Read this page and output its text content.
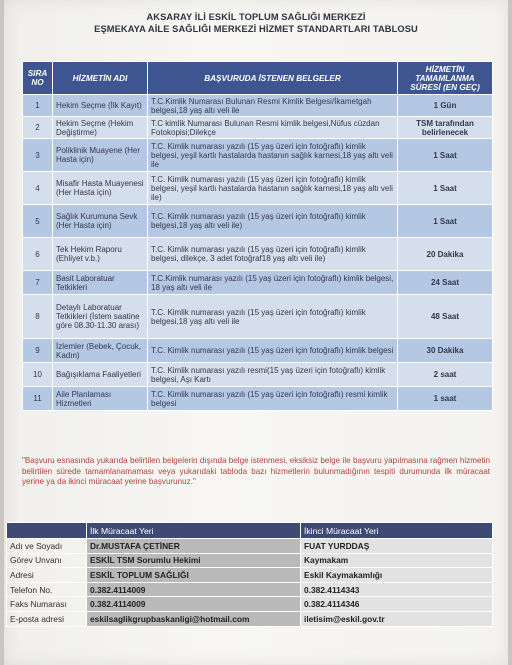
AKSARAY İLİ ESKİL TOPLUM SAĞLIĞI MERKEZİ
EŞMEKAYA AİLE SAĞLIĞI MERKEZİ HİZMET STANDARTLARI TABLOSU
SIRA NO	HİZMETİN ADI	BAŞVURUDA İSTENEN BELGELER	HİZMETİN TAMAMLANMA SÜRESİ (EN GEÇ)
1	Hekim Seçme (İlk Kayıt)	T.C.Kimlik Numarası Bulunan Resmi Kimlik Belgesi/İkametgah belgesi,18 yaş altı veli ile	1 Gün
2	Hekim Seçme (Hekim Değiştirme)	T.C kimlik Numarası Bulunan Resmi kimlik belgesi,Nüfus cüzdan Fotokopisi;Dilekçe	TSM tarafından belirlenecek
3	Poliklinik Muayene (Her Hasta için)	T.C. Kimlik numarası yazılı (15 yaş üzeri için fotoğraflı) kimlik belgesi, yeşil kartlı hastalarda hastanın sağlık karnesi,18 yaş altı veli ile	1 Saat
4	Misafir Hasta Muayenesi (Her Hasta için)	T.C. Kimlik numarası yazılı (15 yaş üzeri için fotoğraflı) kimlik belgesi, yeşil kartlı hastalarda hastanın sağlık karnesi,18 yaş altı veli ile)	1 Saat
5	Sağlık Kurumuna Sevk (Her Hasta için)	T.C. Kimlik numarası yazılı (15 yaş üzeri için fotoğraflı) kimlik belgesi,18 yaş altı veli ile)	1 Saat
6	Tek Hekim Raporu (Ehliyet v.b.)	T.C. Kimlik numarası yazılı (15 yaş üzeri için fotoğraflı) kimlik belgesi, dilekçe, 3 adet fotoğraf18 yaş altı veli ile)	20 Dakika
7	Basit Laboratuar Tetkikleri	T.C.Kimlik numarası yazılı (15 yaş üzeri için fotoğraflı) kimlik belgesi, 18 yaş altı veli ile	24 Saat
8	Detaylı Laboratuar Tetkikleri (İstem saatine göre 08.30-11.30 arası)	T.C. Kimlik numarası yazılı (15 yaş üzeri için fotoğraflı) kimlik belgesi,18 yaş altı veli ile	48 Saat
9	İzlemler (Bebek, Çocuk, Kadın)	T.C. Kimlik numarası yazılı (15 yaş üzeri için fotoğraflı) kimlik belgesi	30 Dakika
10	Bağışıklama Faaliyetleri	T.C. Kimlik numarası yazılı resmi(15 yaş üzeri için fotoğraflı) kimlik belgesi, Aşı Kartı	2 saat
11	Aile Planlaması Hizmetleri	T.C. Kimlik numarası yazılı (15 yaş üzeri için fotoğraflı) resmi kimlik belgesi	1 saat
"Başvuru esnasında yukarıda belirtilen belgelerin dışında belge istenmesi, eksiksiz belge ile başvuru yapılmasına rağmen hizmetin belirtilen sürede tamamlanamaması veya yukarıdaki tabloda bazı hizmetlerin bulunmadığının tespiti durumunda ilk müracaat yerine ya da ikinci müracaat yerine başvurunuz."
	İlk Müracaat Yeri	İkinci Müracaat Yeri
Adı ve Soyadı	Dr.MUSTAFA ÇETİNER	FUAT YURDDAŞ
Görev Unvanı	ESKİL TSM Sorumlu Hekimi	Kaymakam
Adresi	ESKİL TOPLUM SAĞLIĞI	Eskil Kaymakamlığı
Telefon No.	0.382.4114009	0.382.4114343
Faks Numarası	0.382.4114009	0.382.4114346
E-posta adresi	eskilsaglikgrupbaskanligi@hotmail.com	iletisim@eskil.gov.tr
